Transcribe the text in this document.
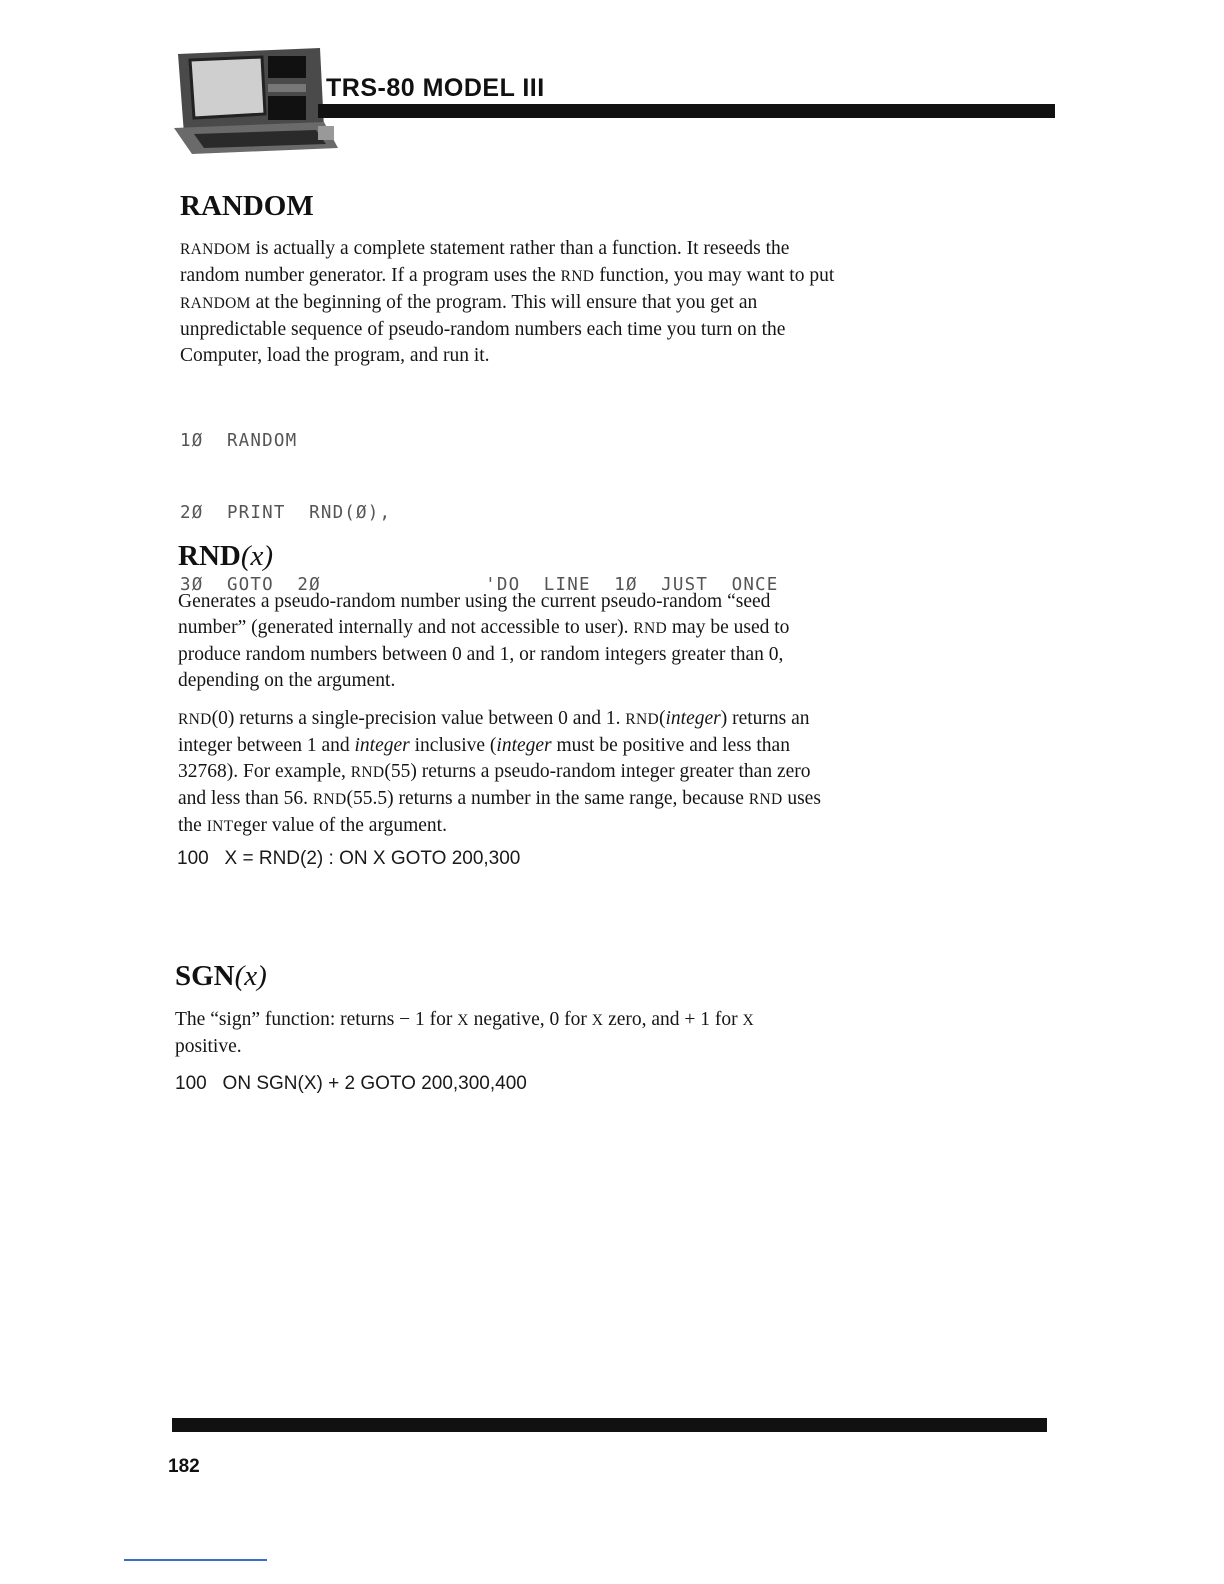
TRS-80 MODEL III
RANDOM
RANDOM is actually a complete statement rather than a function. It reseeds the
random number generator. If a program uses the RND function, you may want to put
RANDOM at the beginning of the program. This will ensure that you get an
unpredictable sequence of pseudo-random numbers each time you turn on the
Computer, load the program, and run it.

1Ø  RANDOM

2Ø  PRINT  RND(Ø),

3Ø  GOTO  2Ø              'DO  LINE  1Ø  JUST  ONCE

RND(x)
Generates a pseudo-random number using the current pseudo-random “seed
number” (generated internally and not accessible to user). RND may be used to
produce random numbers between 0 and 1, or random integers greater than 0,
depending on the argument.
RND(0) returns a single-precision value between 0 and 1. RND(integer) returns an
integer between 1 and integer inclusive (integer must be positive and less than
32768). For example, RND(55) returns a pseudo-random integer greater than zero
and less than 56. RND(55.5) returns a number in the same range, because RND uses
the INTeger value of the argument.
100   X = RND(2) : ON X GOTO 200,300
SGN(x)
The “sign” function: returns − 1 for X negative, 0 for X zero, and + 1 for X
positive.
100   ON SGN(X) + 2 GOTO 200,300,400
182
